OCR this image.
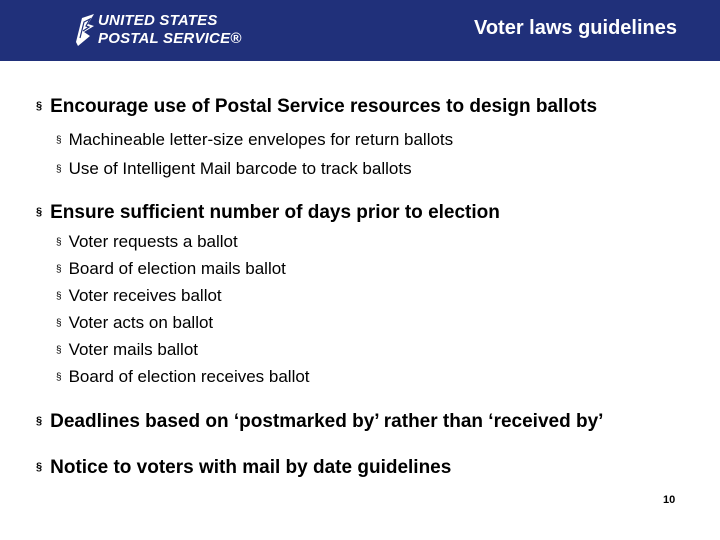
UNITED STATES
POSTAL SERVICE®	Voter laws guidelines
§ Encourage use of Postal Service resources to design ballots
§ Machineable letter-size envelopes for return ballots
§ Use of Intelligent Mail barcode to track ballots
§ Ensure sufficient number of days prior to election
§ Voter requests a ballot
§ Board of election mails ballot
§ Voter receives ballot
§ Voter acts on ballot
§ Voter mails ballot
§ Board of election receives ballot
§ Deadlines based on ‘postmarked by’ rather than ‘received by’
§ Notice to voters with mail by date guidelines
10
